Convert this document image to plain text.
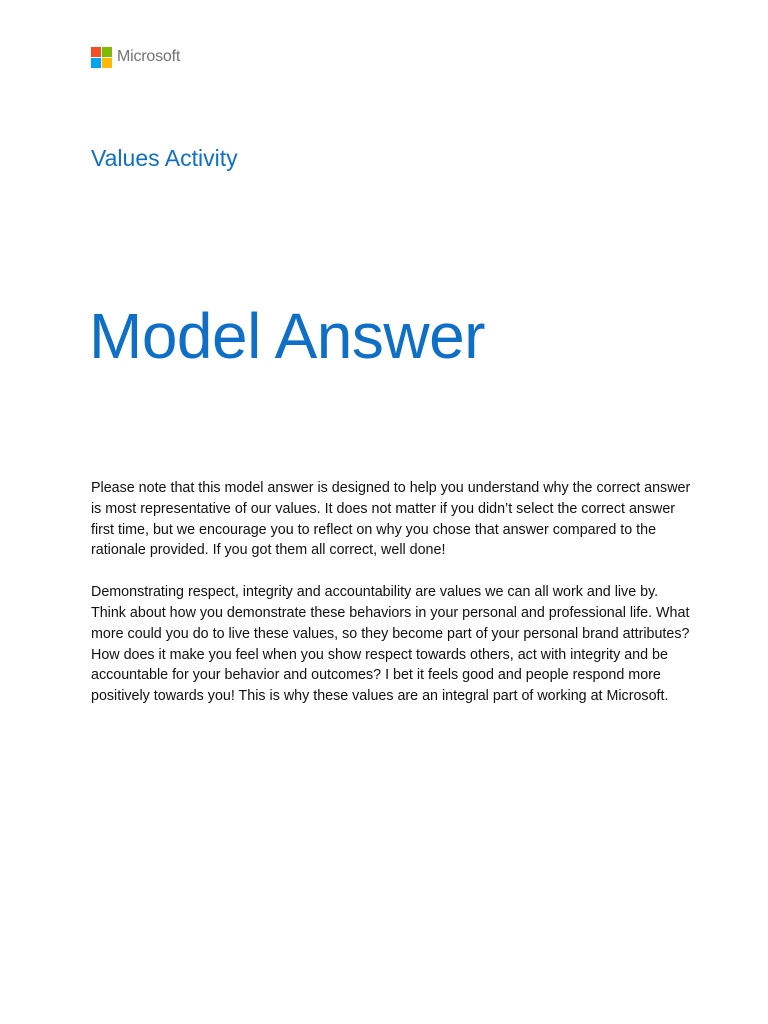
Microsoft
Values Activity
Model Answer

Please note that this model answer is designed to help you understand why the correct answer is most representative of our values. It does not matter if you didn’t select the correct answer first time, but we encourage you to reflect on why you chose that answer compared to the rationale provided. If you got them all correct, well done!

Demonstrating respect, integrity and accountability are values we can all work and live by. Think about how you demonstrate these behaviors in your personal and professional life. What more could you do to live these values, so they become part of your personal brand attributes? How does it make you feel when you show respect towards others, act with integrity and be accountable for your behavior and outcomes? I bet it feels good and people respond more positively towards you! This is why these values are an integral part of working at Microsoft.
